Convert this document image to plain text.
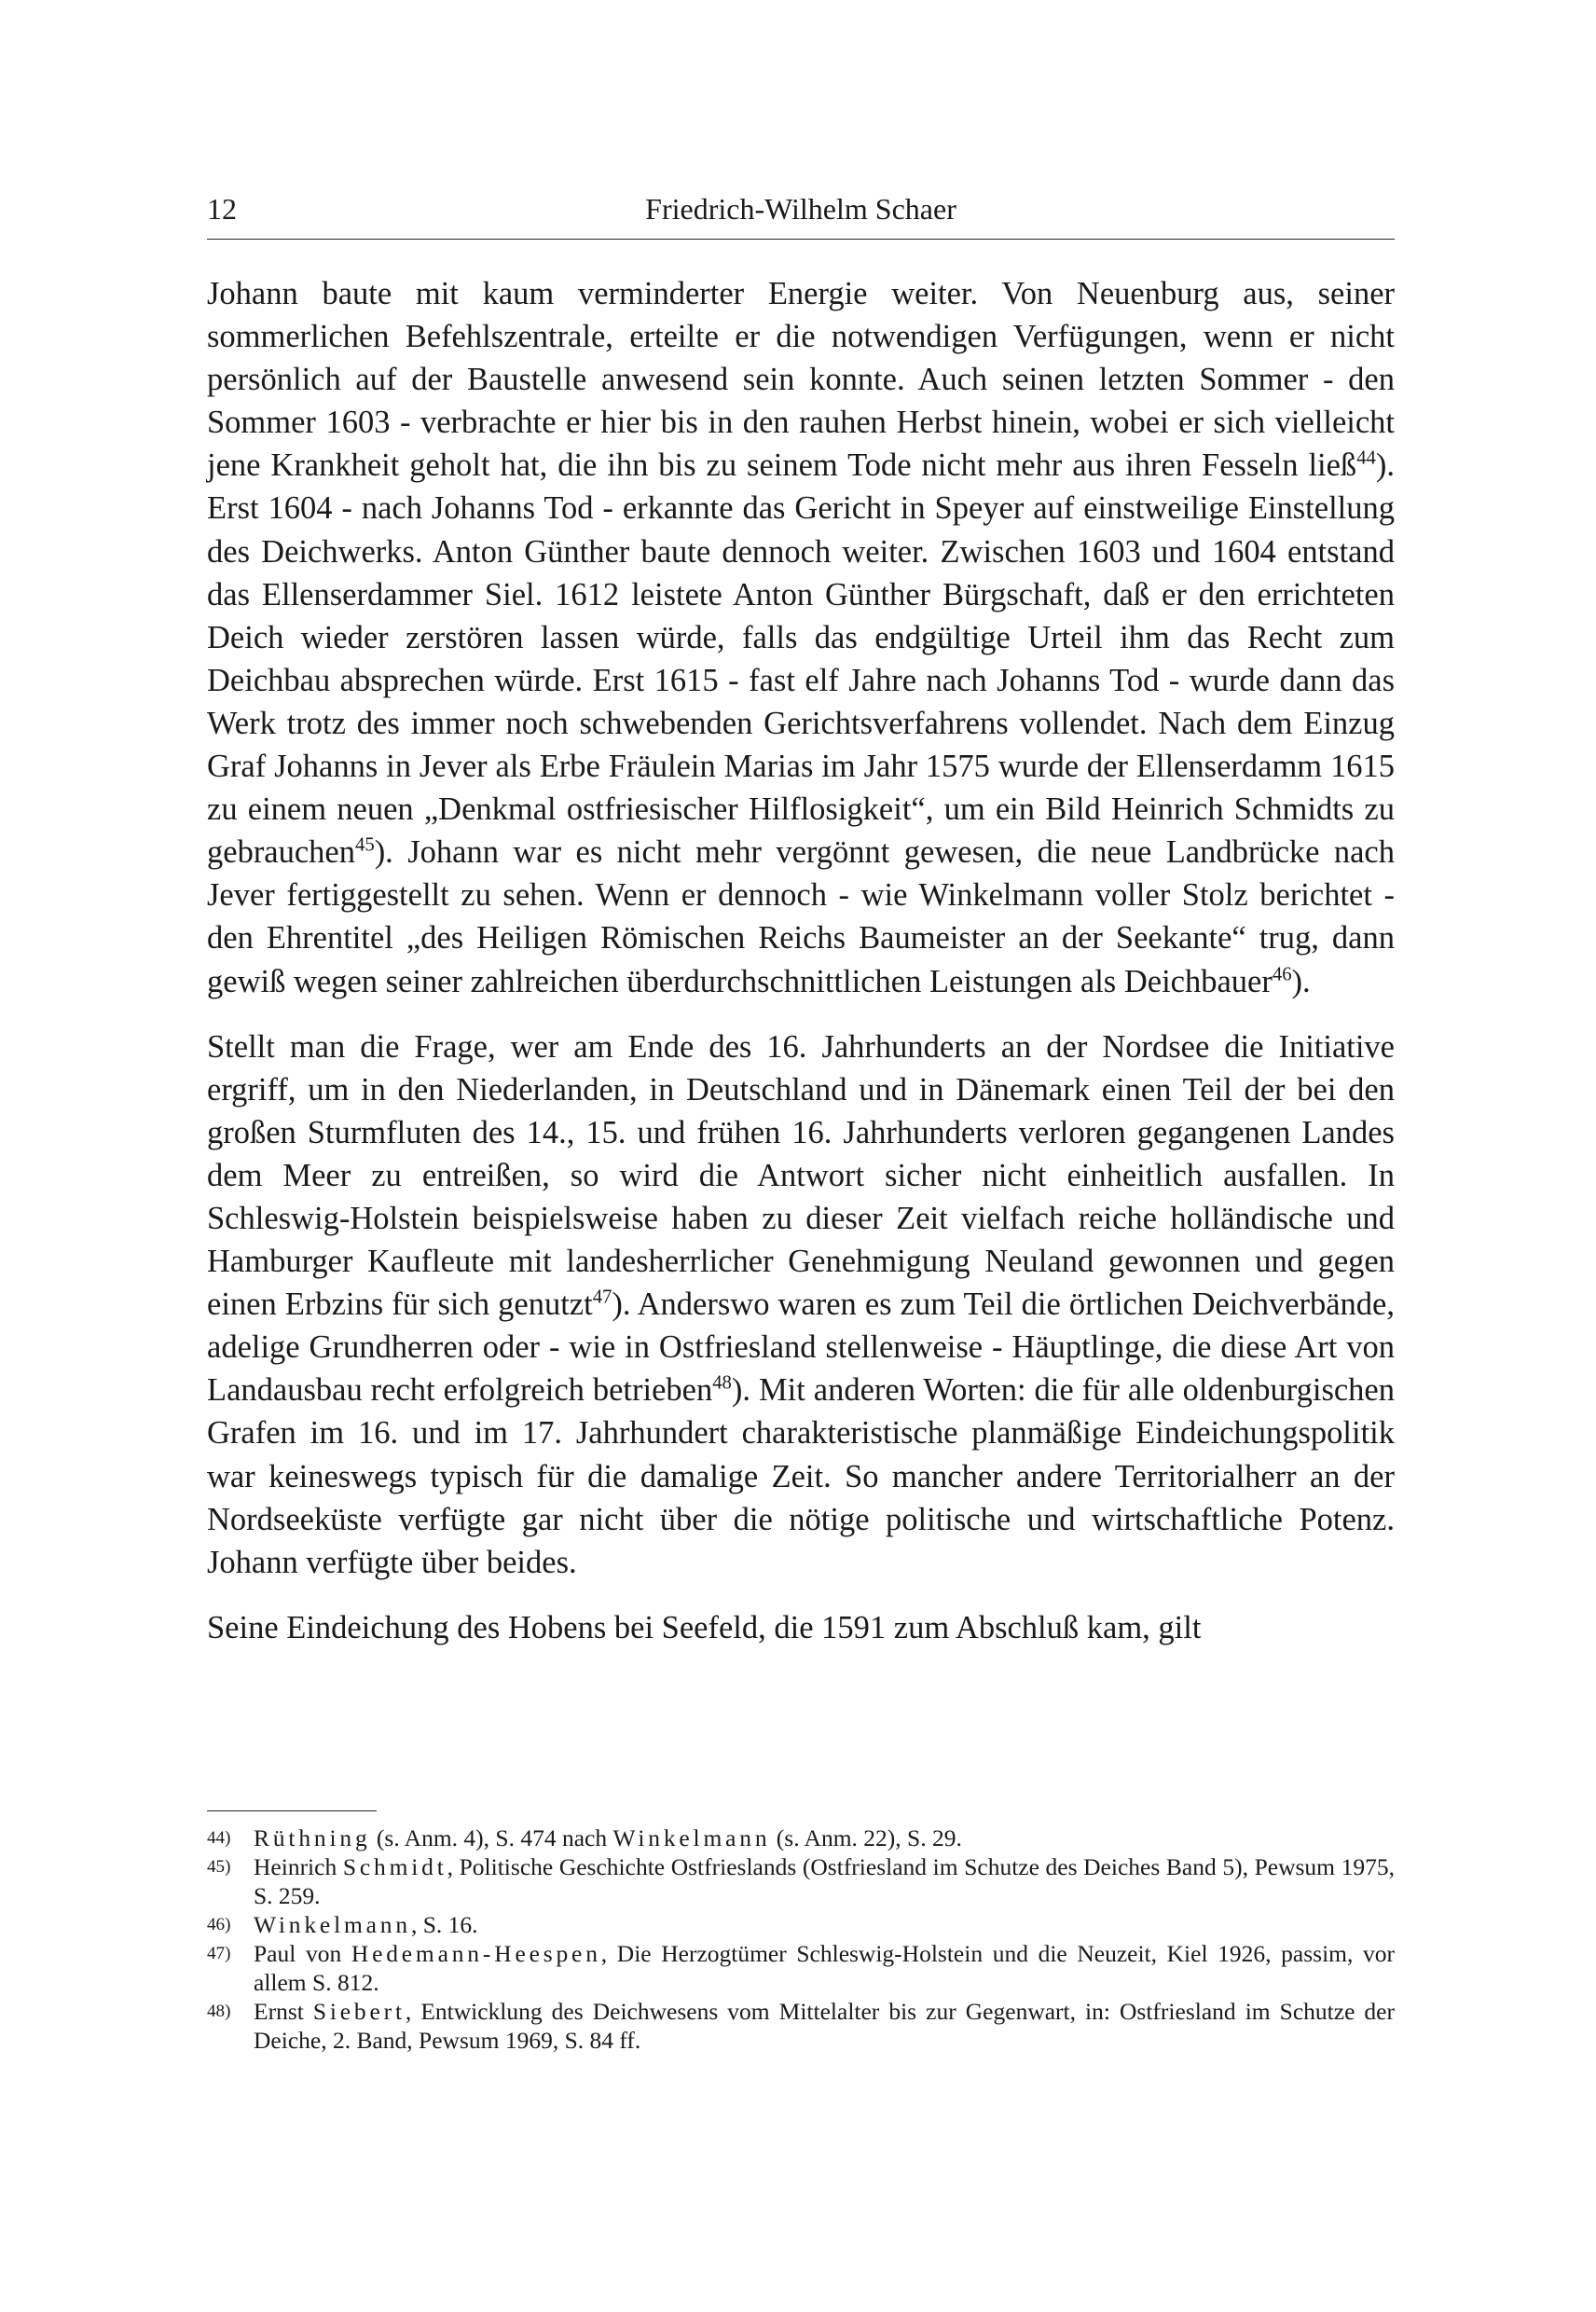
12	Friedrich-Wilhelm Schaer

Johann baute mit kaum verminderter Energie weiter. Von Neuenburg aus, seiner sommerlichen Befehlszentrale, erteilte er die notwendigen Verfügungen, wenn er nicht persönlich auf der Baustelle anwesend sein konnte. Auch seinen letzten Sommer - den Sommer 1603 - verbrachte er hier bis in den rauhen Herbst hinein, wobei er sich vielleicht jene Krankheit geholt hat, die ihn bis zu seinem Tode nicht mehr aus ihren Fesseln ließ$^{44}$). Erst 1604 - nach Johanns Tod - erkannte das Gericht in Speyer auf einstweilige Einstellung des Deichwerks. Anton Günther baute dennoch weiter. Zwischen 1603 und 1604 entstand das Ellenserdammer Siel. 1612 leistete Anton Günther Bürgschaft, daß er den errichteten Deich wieder zerstören lassen würde, falls das endgültige Urteil ihm das Recht zum Deichbau absprechen würde. Erst 1615 - fast elf Jahre nach Johanns Tod - wurde dann das Werk trotz des immer noch schwebenden Gerichtsverfahrens vollendet. Nach dem Einzug Graf Johanns in Jever als Erbe Fräulein Marias im Jahr 1575 wurde der Ellenserdamm 1615 zu einem neuen „Denkmal ostfriesischer Hilflosigkeit“, um ein Bild Heinrich Schmidts zu gebrauchen$^{45}$). Johann war es nicht mehr vergönnt gewesen, die neue Landbrücke nach Jever fertiggestellt zu sehen. Wenn er dennoch - wie Winkelmann voller Stolz berichtet - den Ehrentitel „des Heiligen Römischen Reichs Baumeister an der Seekante“ trug, dann gewiß wegen seiner zahlreichen überdurchschnittlichen Leistungen als Deichbauer$^{46}$).

Stellt man die Frage, wer am Ende des 16. Jahrhunderts an der Nordsee die Initiative ergriff, um in den Niederlanden, in Deutschland und in Dänemark einen Teil der bei den großen Sturmfluten des 14., 15. und frühen 16. Jahrhunderts verloren gegangenen Landes dem Meer zu entreißen, so wird die Antwort sicher nicht einheitlich ausfallen. In Schleswig-Holstein beispielsweise haben zu dieser Zeit vielfach reiche holländische und Hamburger Kaufleute mit landesherrlicher Genehmigung Neuland gewonnen und gegen einen Erbzins für sich genutzt$^{47}$). Anderswo waren es zum Teil die örtlichen Deichverbände, adelige Grundherren oder - wie in Ostfriesland stellenweise - Häuptlinge, die diese Art von Landausbau recht erfolgreich betrieben$^{48}$). Mit anderen Worten: die für alle oldenburgischen Grafen im 16. und im 17. Jahrhundert charakteristische planmäßige Eindeichungspolitik war keineswegs typisch für die damalige Zeit. So mancher andere Territorialherr an der Nordseeküste verfügte gar nicht über die nötige politische und wirtschaftliche Potenz. Johann verfügte über beides.

Seine Eindeichung des Hobens bei Seefeld, die 1591 zum Abschluß kam, gilt

44) Rüthning (s. Anm. 4), S. 474 nach Winkelmann (s. Anm. 22), S. 29.
45) Heinrich Schmidt, Politische Geschichte Ostfrieslands (Ostfriesland im Schutze des Deiches Band 5), Pewsum 1975, S. 259.
46) Winkelmann, S. 16.
47) Paul von Hedemann-Heespen, Die Herzogtümer Schleswig-Holstein und die Neuzeit, Kiel 1926, passim, vor allem S. 812.
48) Ernst Siebert, Entwicklung des Deichwesens vom Mittelalter bis zur Gegenwart, in: Ostfriesland im Schutze der Deiche, 2. Band, Pewsum 1969, S. 84 ff.
